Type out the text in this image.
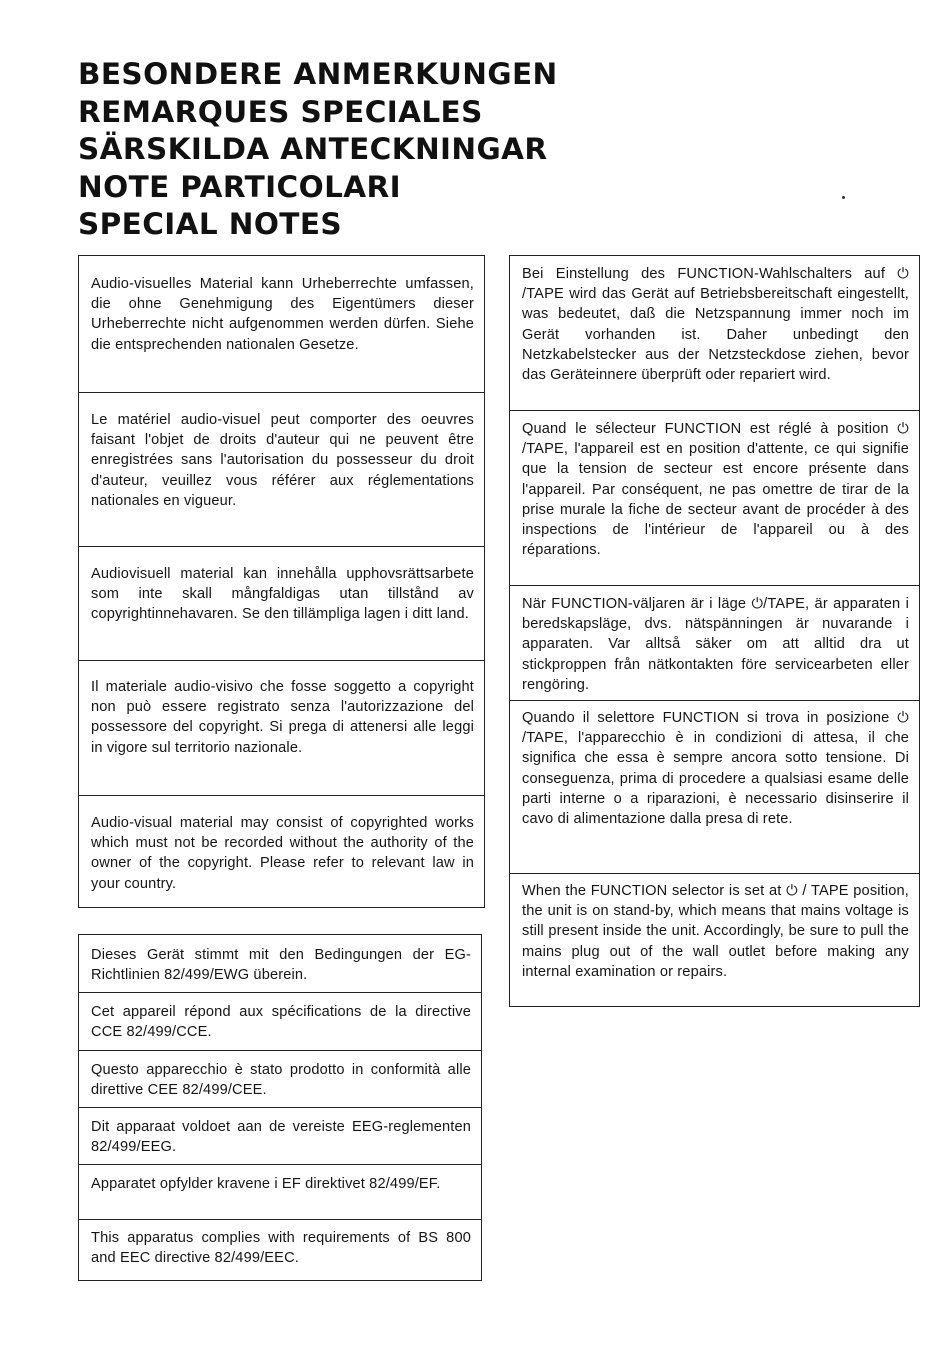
BESONDERE ANMERKUNGEN
REMARQUES SPECIALES
SÄRSKILDA ANTECKNINGAR
NOTE PARTICOLARI
SPECIAL NOTES
Audio-visuelles Material kann Urheberrechte umfassen, die ohne Genehmigung des Eigentümers dieser Urheberrechte nicht aufgenommen werden dürfen. Siehe die entsprechenden nationalen Gesetze.
Le matériel audio-visuel peut comporter des oeuvres faisant l'objet de droits d'auteur qui ne peuvent être enregistrées sans l'autorisation du possesseur du droit d'auteur, veuillez vous référer aux réglementations nationales en vigueur.
Audiovisuell material kan innehålla upphovsrättsarbete som inte skall mångfaldigas utan tillstånd av copyrightinnehavaren. Se den tillämpliga lagen i ditt land.
Il materiale audio-visivo che fosse soggetto a copyright non può essere registrato senza l'autorizzazione del possessore del copyright. Si prega di attenersi alle leggi in vigore sul territorio nazionale.
Audio-visual material may consist of copyrighted works which must not be recorded without the authority of the owner of the copyright. Please refer to relevant law in your country.
Dieses Gerät stimmt mit den Bedingungen der EG-Richtlinien 82/499/EWG überein.
Cet appareil répond aux spécifications de la directive CCE 82/499/CCE.
Questo apparecchio è stato prodotto in conformità alle direttive CEE 82/499/CEE.
Dit apparaat voldoet aan de vereiste EEG-reglementen 82/499/EEG.
Apparatet opfylder kravene i EF direktivet 82/499/EF.
This apparatus complies with requirements of BS 800 and EEC directive 82/499/EEC.
Bei Einstellung des FUNCTION-Wahlschalters auf ⏻ /TAPE wird das Gerät auf Betriebsbereitschaft eingestellt, was bedeutet, daß die Netzspannung immer noch im Gerät vorhanden ist. Daher unbedingt den Netzkabelstecker aus der Netzsteckdose ziehen, bevor das Geräteinnere überprüft oder repariert wird.
Quand le sélecteur FUNCTION est réglé à position ⏻ /TAPE, l'appareil est en position d'attente, ce qui signifie que la tension de secteur est encore présente dans l'appareil. Par conséquent, ne pas omettre de tirar de la prise murale la fiche de secteur avant de procéder à des inspections de l'intérieur de l'appareil ou à des réparations.
När FUNCTION-väljaren är i läge ⏻/TAPE, är apparaten i beredskapsläge, dvs. nätspänningen är nuvarande i apparaten. Var alltså säker om att alltid dra ut stickproppen från nätkontakten före servicearbeten eller rengöring.
Quando il selettore FUNCTION si trova in posizione ⏻ /TAPE, l'apparecchio è in condizioni di attesa, il che significa che essa è sempre ancora sotto tensione. Di conseguenza, prima di procedere a qualsiasi esame delle parti interne o a riparazioni, è necessario disinserire il cavo di alimentazione dalla presa di rete.
When the FUNCTION selector is set at ⏻ / TAPE position, the unit is on stand-by, which means that mains voltage is still present inside the unit. Accordingly, be sure to pull the mains plug out of the wall outlet before making any internal examination or repairs.
